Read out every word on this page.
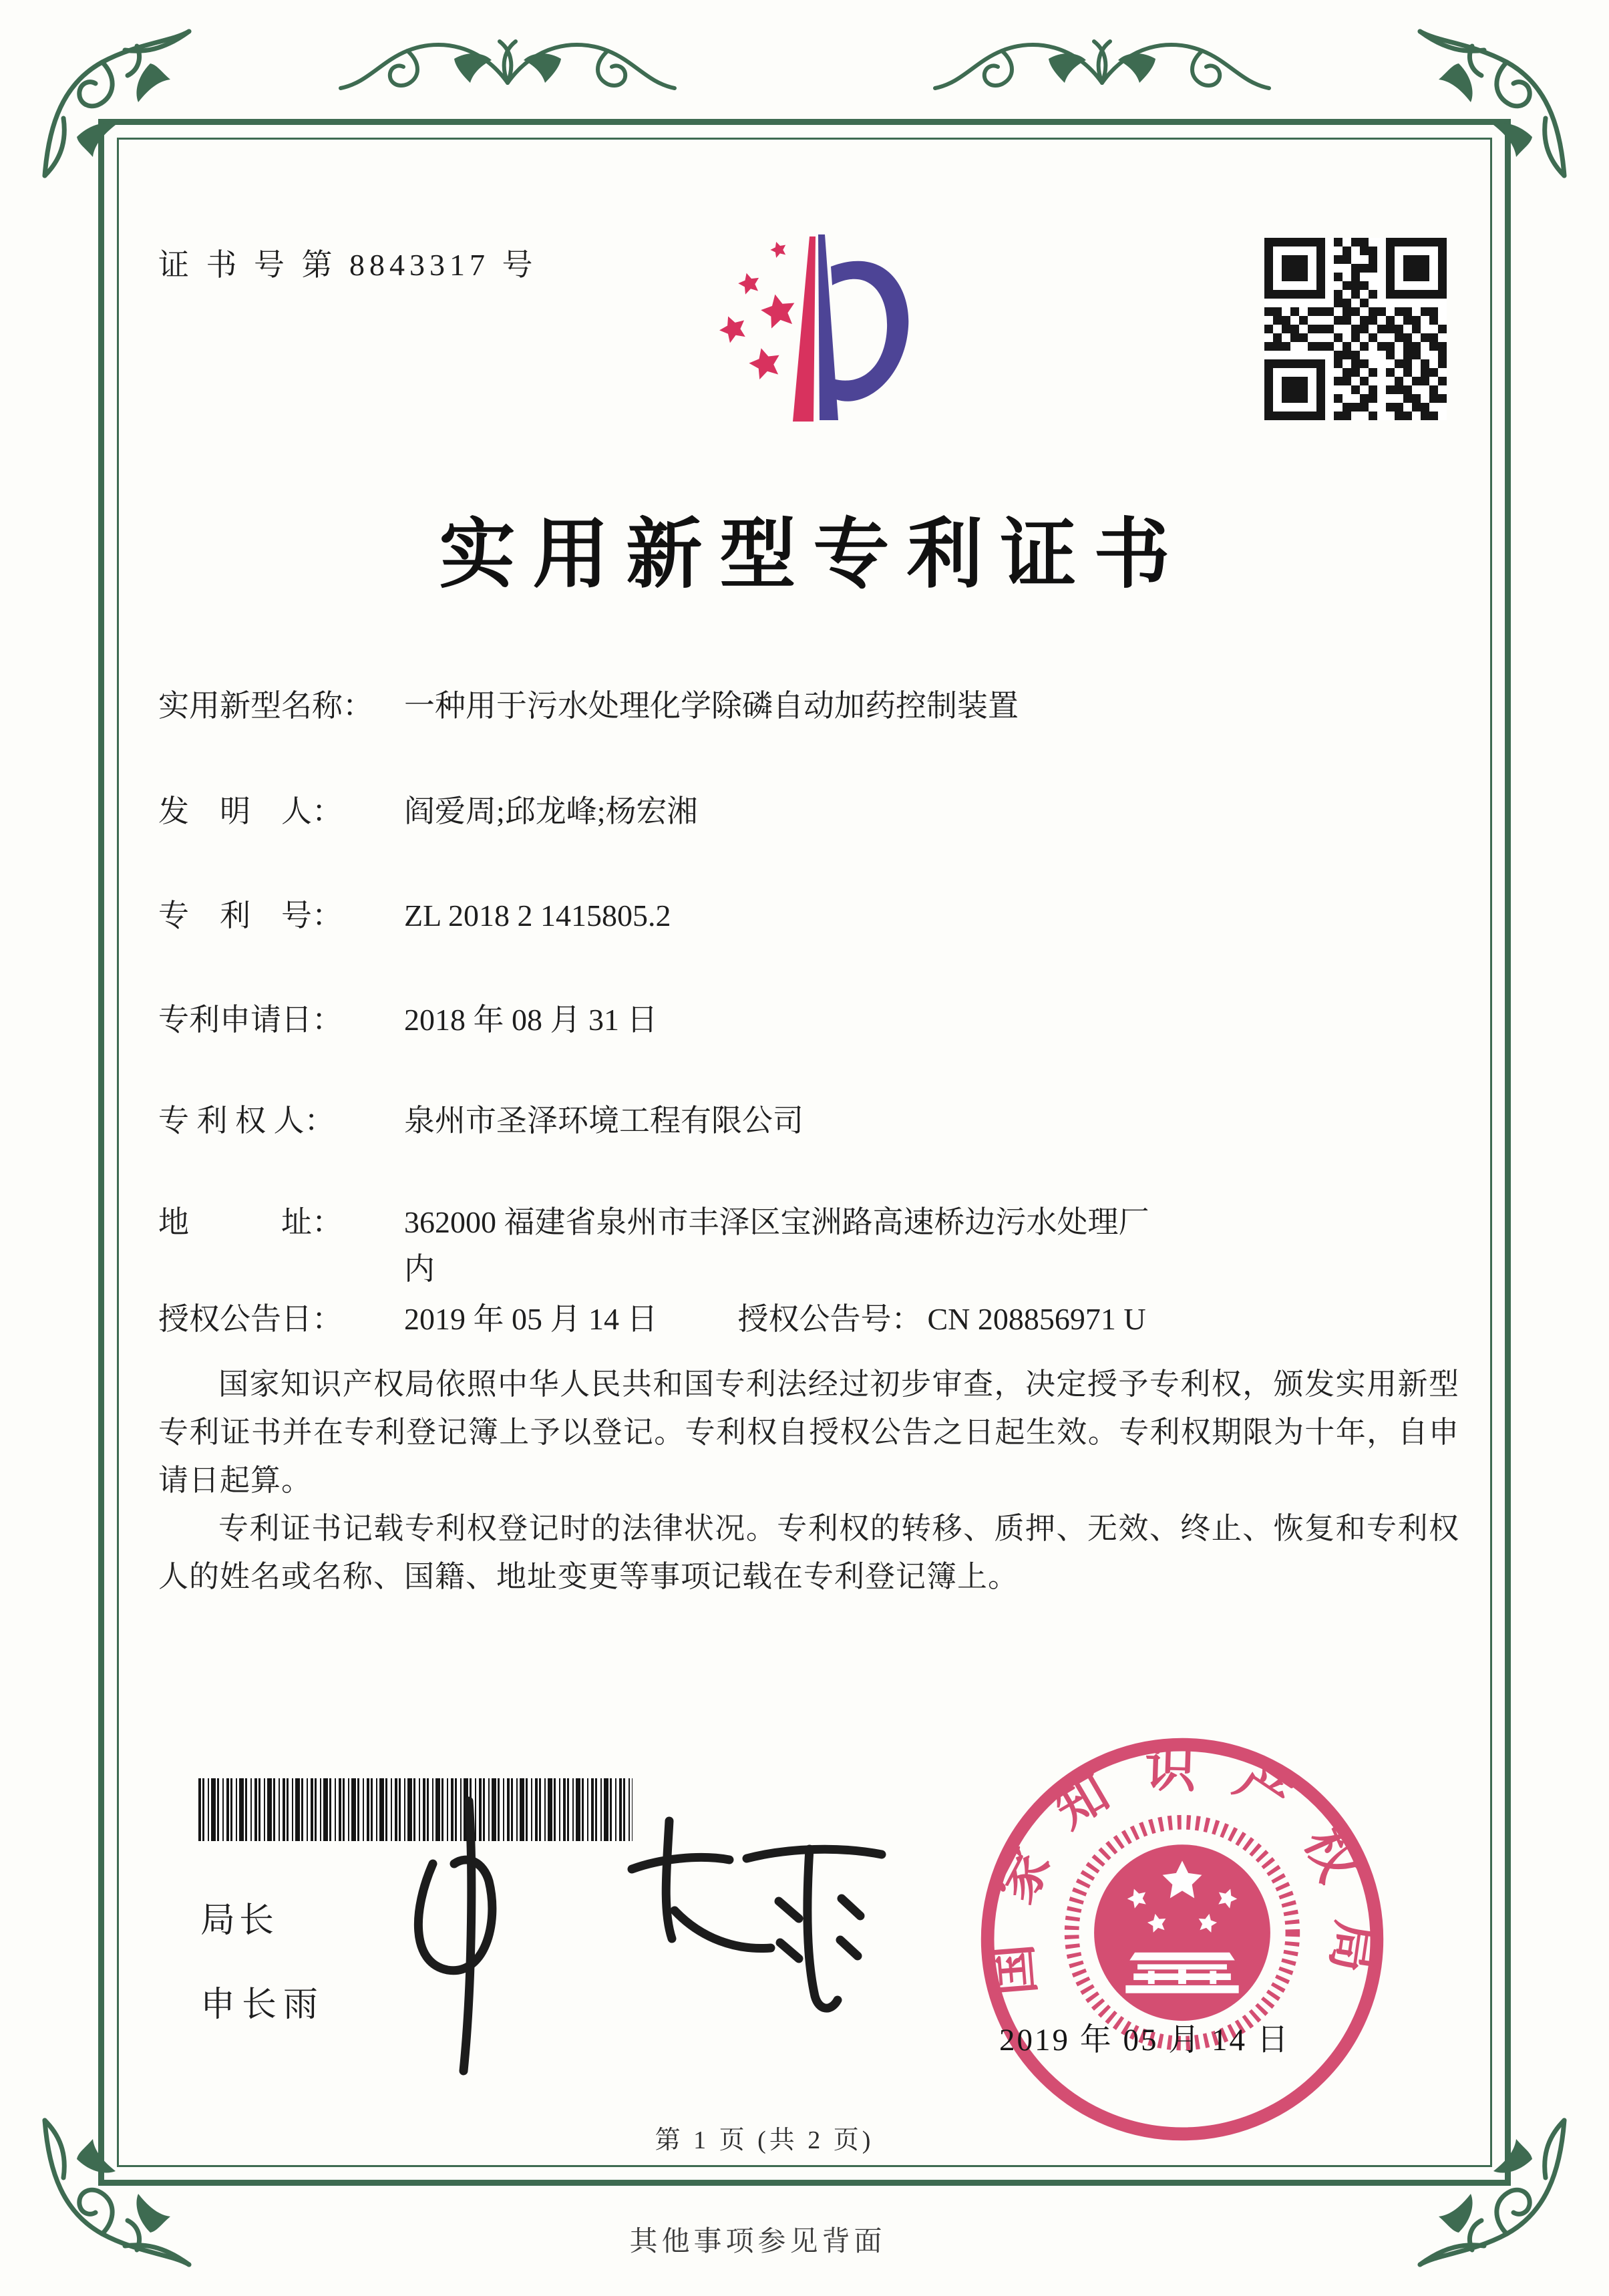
证 书 号 第 8843317 号
实用新型专利证书
实用新型名称：	一种用于污水处理化学除磷自动加药控制装置
发　明　人：	阎爱周;邱龙峰;杨宏湘
专　利　号：	ZL 2018 2 1415805.2
专利申请日：	2018 年 08 月 31 日
专 利 权 人：	泉州市圣泽环境工程有限公司
地　　　址：	362000 福建省泉州市丰泽区宝洲路高速桥边污水处理厂
内
授权公告日：	2019 年 05 月 14 日	授权公告号： CN 208856971 U

国家知识产权局依照中华人民共和国专利法经过初步审查，决定授予专利权，颁发实用新型专利证书并在专利登记簿上予以登记。专利权自授权公告之日起生效。专利权期限为十年，自申请日起算。

专利证书记载专利权登记时的法律状况。专利权的转移、质押、无效、终止、恢复和专利权人的姓名或名称、国籍、地址变更等事项记载在专利登记簿上。

局长
申长雨
国家知识产权局
2019 年 05 月 14 日
第 1 页 (共 2 页)
其他事项参见背面
